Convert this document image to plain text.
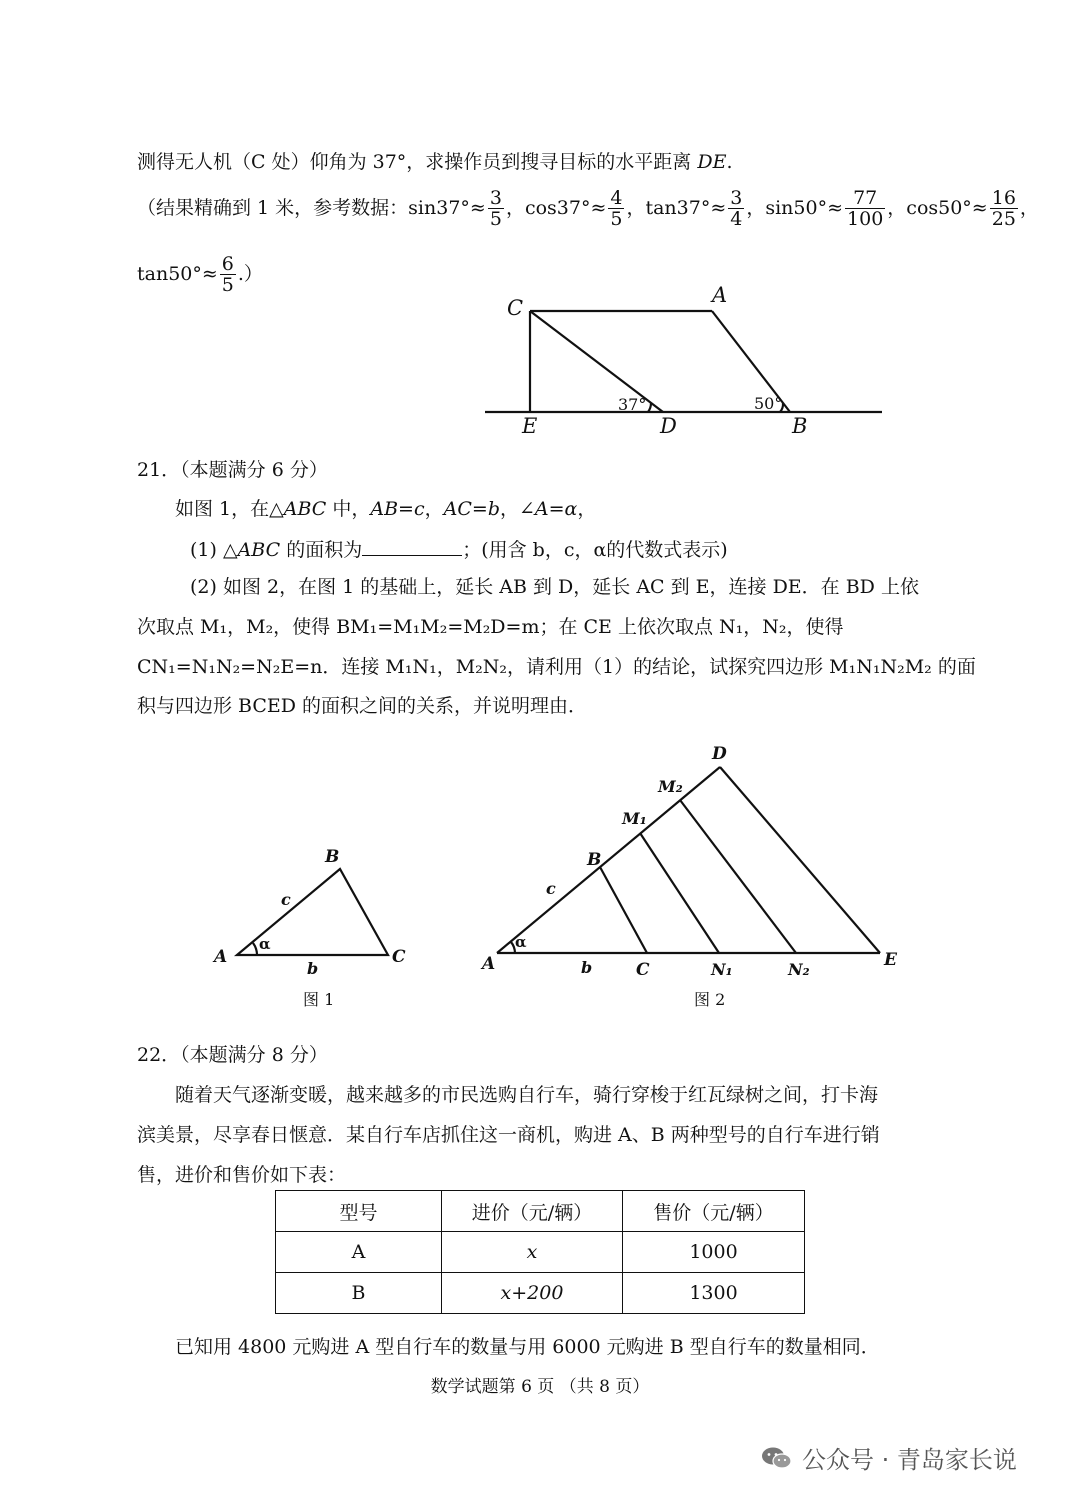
测得无人机（C 处）仰角为 37°，求操作员到搜寻目标的水平距离 DE.
（结果精确到 1 米，参考数据：$\sin 37^\circ\approx \frac{3}{5}$ ，$\cos 37^\circ\approx \frac{4}{5}$ ，$\tan 37^\circ\approx \frac{3}{4}$ ，$\sin 50^\circ\approx \frac{77}{100}$ ，$\cos 50^\circ\approx \frac{16}{25}$ ，
$\tan 50^\circ\approx \frac{6}{5}$ .）
C
A
E	D	B
37°	50°
21．（本题满分 6 分）
如图 1，在△ABC 中，AB=c，AC=b，∠A=α，
(1) △ABC 的面积为	；(用含 b，c，α的代数式表示)
(2) 如图 2，在图 1 的基础上，延长 AB 到 D，延长 AC 到 E，连接 DE．在 BD 上依
次取点 M₁，M₂，使得 BM₁=M₁M₂=M₂D=m；在 CE 上依次取点 N₁，N₂，使得
CN₁=N₁N₂=N₂E=n．连接 M₁N₁，M₂N₂，请利用（1）的结论，试探究四边形 M₁N₁N₂M₂ 的面
积与四边形 BCED 的面积之间的关系，并说明理由．
A
B
C
c
b
α
图 1
A
B
C
D
E
M₁
M₂
N₁	N₂
c
b
α
图 2
22．（本题满分 8 分）
随着天气逐渐变暖，越来越多的市民选购自行车，骑行穿梭于红瓦绿树之间，打卡海
滨美景，尽享春日惬意．某自行车店抓住这一商机，购进 A、B 两种型号的自行车进行销
售，进价和售价如下表：
型号	进价（元/辆）	售价（元/辆）
A	x	1000
B	x+200	1300
已知用 4800 元购进 A 型自行车的数量与用 6000 元购进 B 型自行车的数量相同．
数学试题第 6 页 （共 8 页）
公众号 · 青岛家长说
